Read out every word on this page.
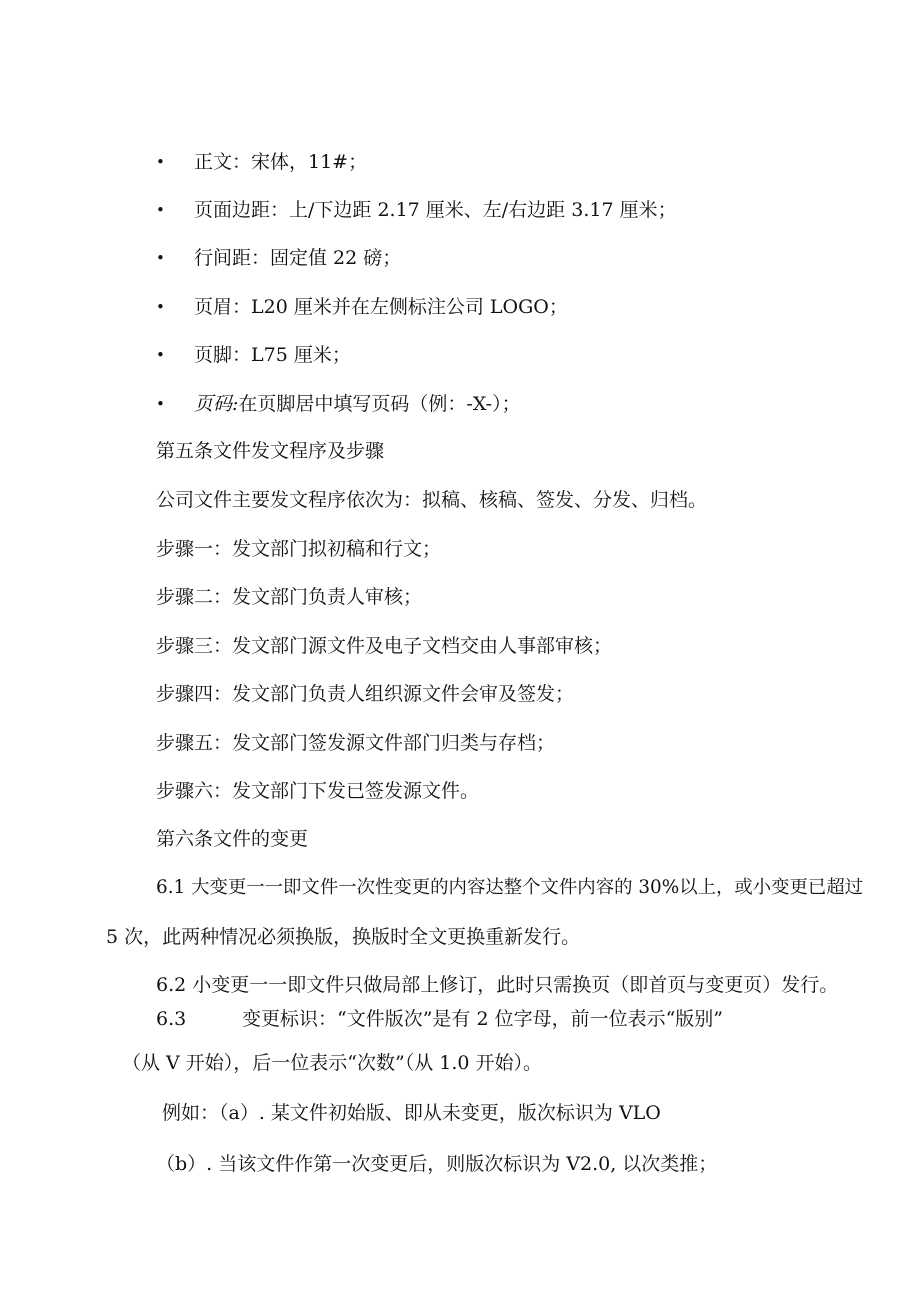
• 正文：宋体，11#；
• 页面边距：上/下边距 2.17 厘米、左/右边距 3.17 厘米；
• 行间距：固定值 22 磅；
• 页眉：L20 厘米并在左侧标注公司 LOGO；
• 页脚：L75 厘米；
• 页码:在页脚居中填写页码（例：-X-）；
第五条文件发文程序及步骤
公司文件主要发文程序依次为：拟稿、核稿、签发、分发、归档。
步骤一：发文部门拟初稿和行文；
步骤二：发文部门负责人审核；
步骤三：发文部门源文件及电子文档交由人事部审核；
步骤四：发文部门负责人组织源文件会审及签发；
步骤五：发文部门签发源文件部门归类与存档；
步骤六：发文部门下发已签发源文件。
第六条文件的变更
6.1 大变更一一即文件一次性变更的内容达整个文件内容的 30%以上，或小变更已超过
5 次，此两种情况必须换版，换版时全文更换重新发行。
6.2 小变更一一即文件只做局部上修订，此时只需换页（即首页与变更页）发行。
6.3	变更标识：“文件版次”是有 2 位字母，前一位表示“版别”
（从 V 开始），后一位表示“次数”（从 1.0 开始）。
例如：（a）. 某文件初始版、即从未变更，版次标识为 VLO
（b）. 当该文件作第一次变更后，则版次标识为 V2.0, 以次类推；
